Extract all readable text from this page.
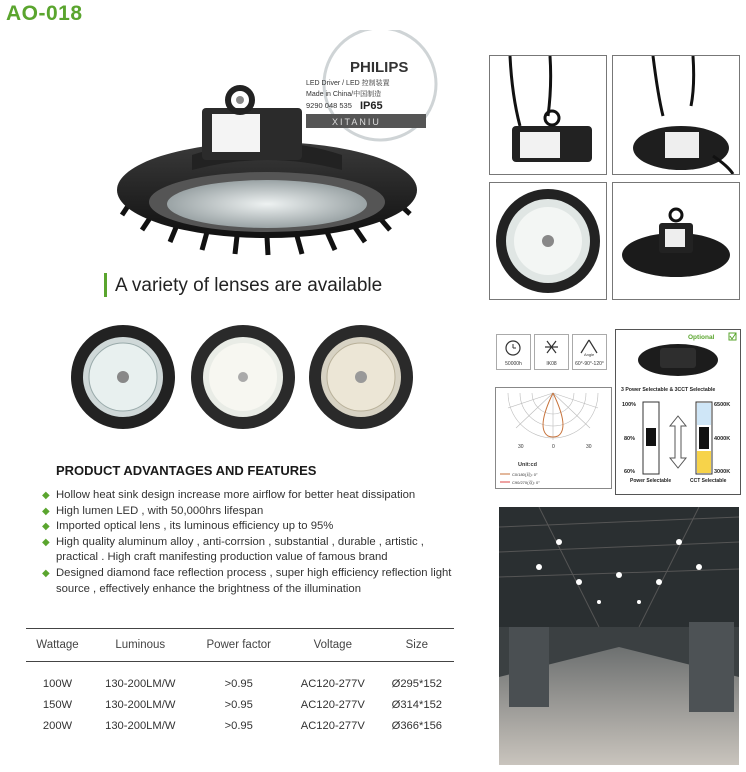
AO-018
PHILIPS
LED Driver / LED 控制装置
Made in China/中国制造
9290 048 535 IP65
XITANIU
A variety of lenses are available
PRODUCT ADVANTAGES AND FEATURES
◆ Hollow heat sink design increase more airflow for better heat dissipation
◆ High lumen LED , with 50,000hrs lifespan
◆ Imported optical lens , its luminous efficiency up to 95%
◆ High quality aluminum alloy , anti-corrsion , substantial , durable , artistic , practical . High craft manifesting production value of famous brand
◆ Designed diamond face reflection process , super high efficiency reflection light source , effectively enhance the brightness of the illumination
Wattage	Luminous	Power factor	Voltage	Size
100W	130-200LM/W	>0.95	AC120-277V	Ø295*152
150W	130-200LM/W	>0.95	AC120-277V	Ø314*152
200W	130-200LM/W	>0.95	AC120-277V	Ø366*156
50000h	IK08
Angle
60°-90°-120°
30	0	30
Unit:cd
C0/180(双): 0°
C90/270(双): 0°
Optional
3 Power Selectable & 3CCT Selectable
100%
80%
60%
6500K
4000K
3000K
Power Selectable	CCT Selectable
